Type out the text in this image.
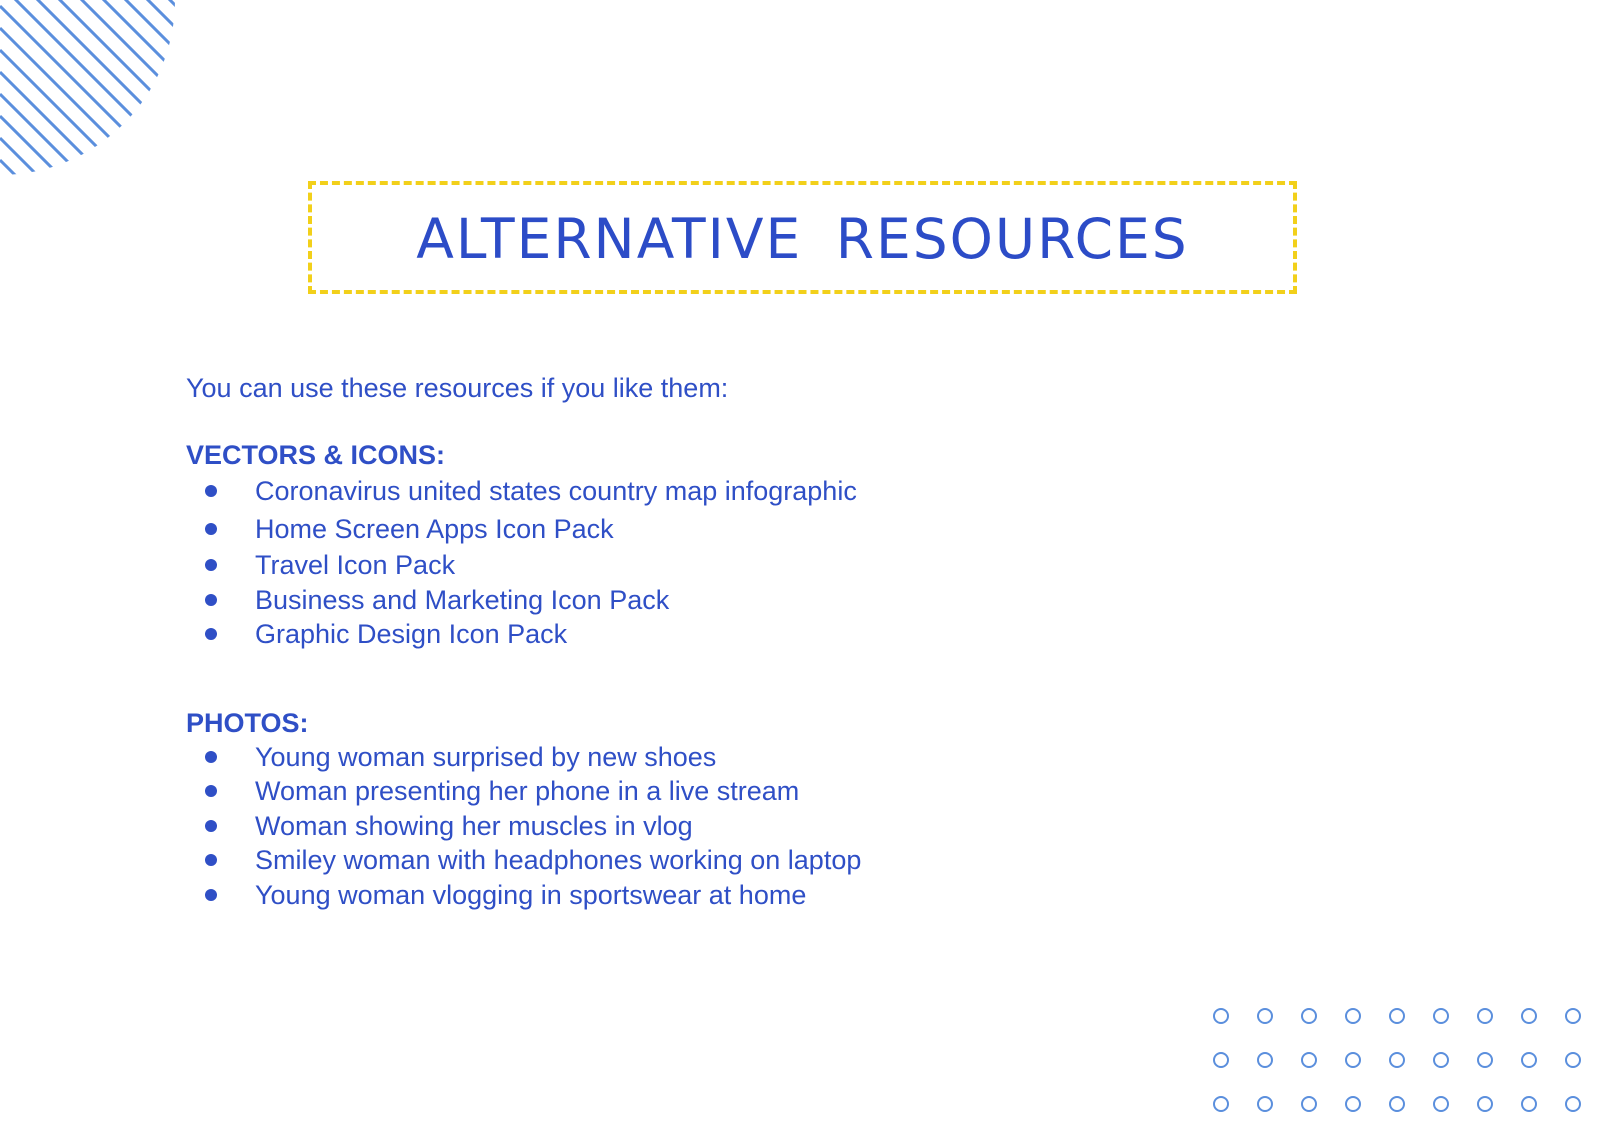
ALTERNATIVE RESOURCES

You can use these resources if you like them:

VECTORS & ICONS:
Coronavirus united states country map infographic
Home Screen Apps Icon Pack
Travel Icon Pack
Business and Marketing Icon Pack
Graphic Design Icon Pack
PHOTOS:
Young woman surprised by new shoes
Woman presenting her phone in a live stream
Woman showing her muscles in vlog
Smiley woman with headphones working on laptop
Young woman vlogging in sportswear at home
